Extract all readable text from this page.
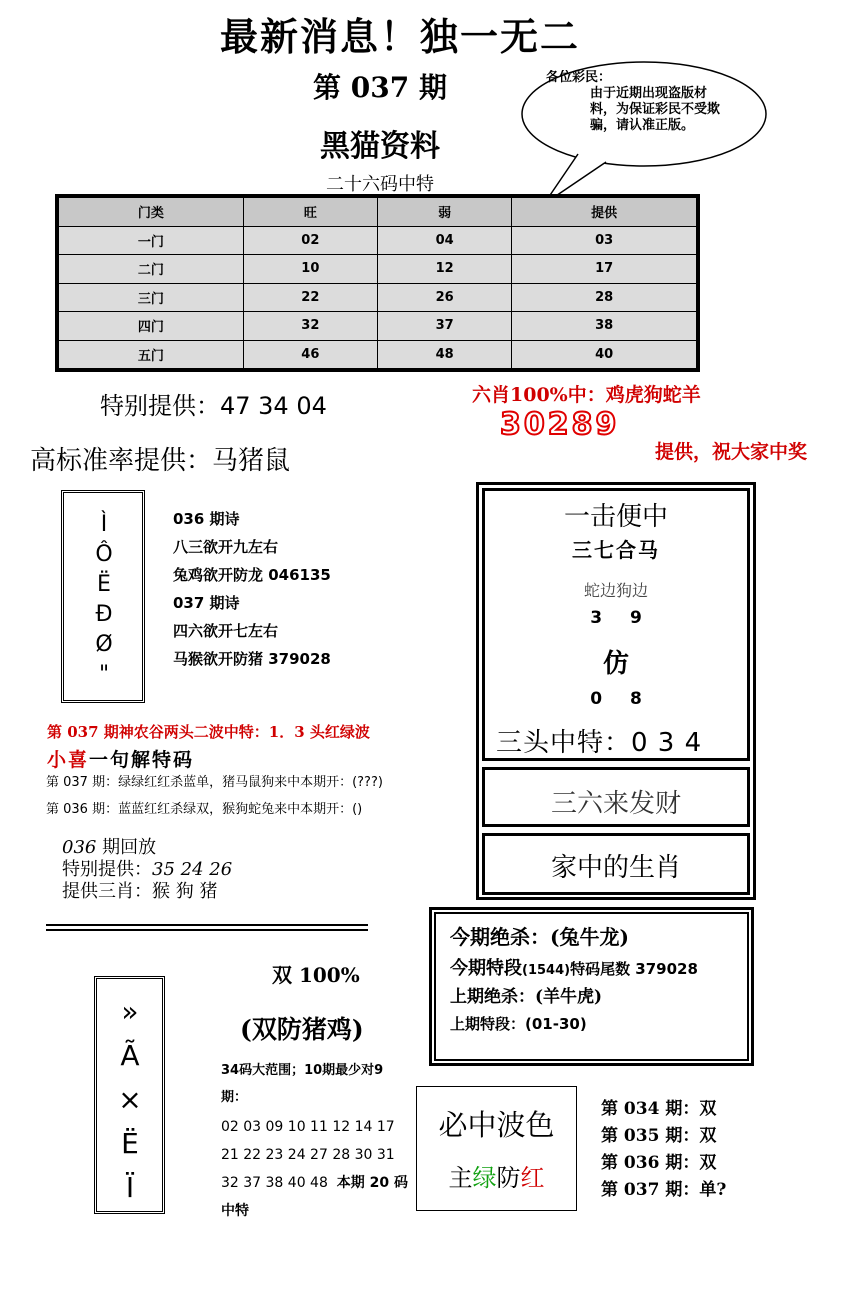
最新消息！独一无二
第 037 期
黑猫资料
二十六码中特
各位彩民：
由于近期出现盗版材料，为保证彩民不受欺骗，请认准正版。
门类	旺	弱	提供
一门	02	04	03
二门	10	12	17
三门	22	26	28
四门	32	37	38
五门	46	48	40
特别提供：47 34 04	六肖100%中：鸡虎狗蛇羊
30289
提供，祝大家中奖
高标准率提供：马猪鼠
Ì
Ô
Ë
Ð
Ø
"
036 期诗
八三欲开九左右
兔鸡欲开防龙 046135
037 期诗
四六欲开七左右
马猴欲开防猪 379028
第 037 期神农谷两头二波中特：1．3 头红绿波
小喜一句解特码
第 037 期：绿绿红红杀蓝单，猪马鼠狗来中本期开：(???)
第 036 期：蓝蓝红红杀绿双，猴狗蛇兔来中本期开：()
036 期回放
特别提供：35 24 26
提供三肖：猴 狗 猪
一击便中
三七合马
蛇边狗边
3 9
仿
0 8
三头中特：0 3 4
三六来发财
家中的生肖
今期绝杀：(兔牛龙)
今期特段(1544)特码尾数 379028
上期绝杀：(羊牛虎)
上期特段：(01-30)
»
Ã
×
Ë
Ï
双 100%
(双防猪鸡)
34码大范围；10期最少对9期：
02 03 09 10 11 12 14 17 21 22 23 24 27 28 30 31 32 37 38 40 48 本期 20 码中特
必中波色
主绿防红
第 034 期：双
第 035 期：双
第 036 期：双
第 037 期：单?
